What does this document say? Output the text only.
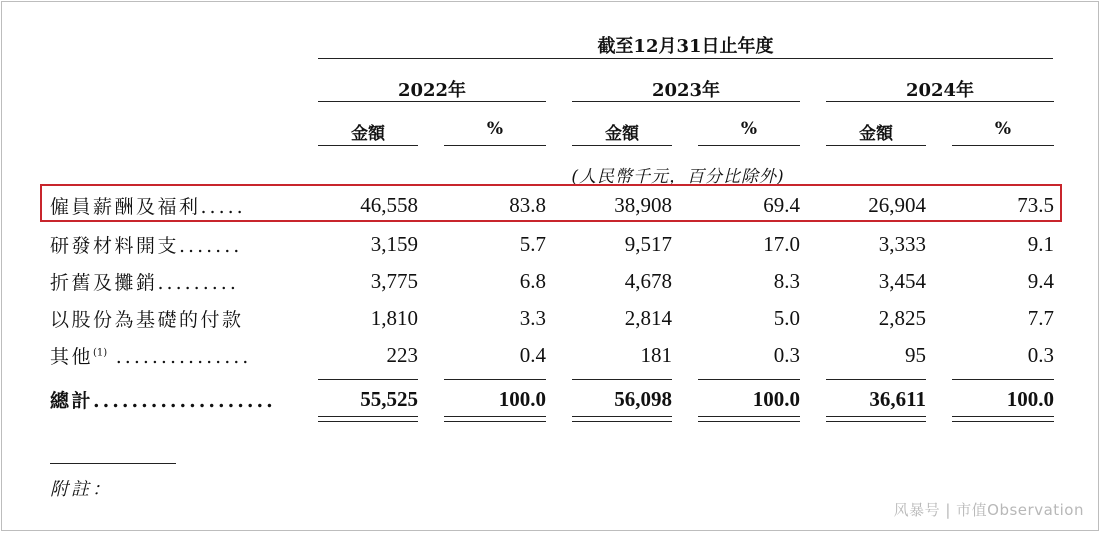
截至12月31日止年度
2022年	2023年	2024年
金額	%	金額	%	金額	%
(人民幣千元，百分比除外)
僱員薪酬及福利.....	46,558	83.8	38,908	69.4	26,904	73.5
研發材料開支.......	3,159	5.7	9,517	17.0	3,333	9.1
折舊及攤銷.........	3,775	6.8	4,678	8.3	3,454	9.4
以股份為基礎的付款	1,810	3.3	2,814	5.0	2,825	7.7
其他$^{(1)}$ ...............	223	0.4	181	0.3	95	0.3
總計...................	55,525	100.0	56,098	100.0	36,611	100.0
附註：
风暴号 | 市值Observation
